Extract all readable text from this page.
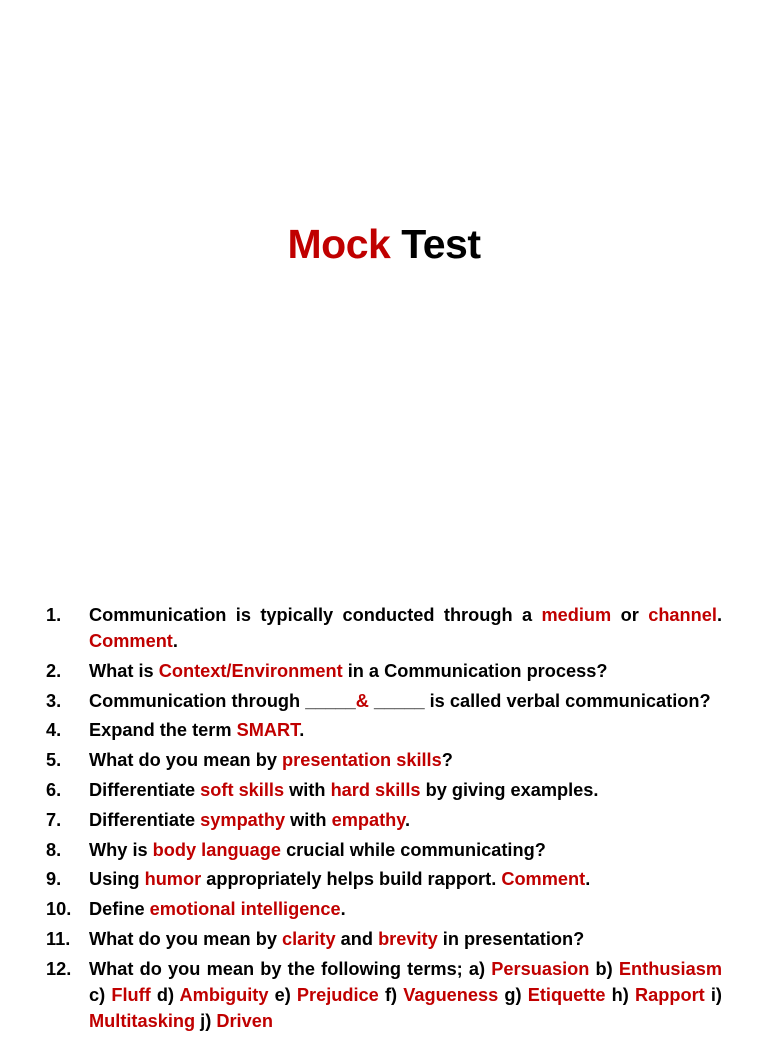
Mock Test
1.	Communication is typically conducted through a medium or channel. Comment.
2.	What is Context/Environment in a Communication process?
3.	Communication through _____& _____ is called verbal communication?
4.	Expand the term SMART.
5.	What do you mean by presentation skills?
6.	Differentiate soft skills with hard skills by giving examples.
7.	Differentiate sympathy with empathy.
8.	Why is body language crucial while communicating?
9.	Using humor appropriately helps build rapport. Comment.
10. Define emotional intelligence.
11.	What do you mean by clarity and brevity in presentation?
12. What do you mean by the following terms; a) Persuasion b) Enthusiasm c) Fluff d) Ambiguity e) Prejudice f) Vagueness g) Etiquette h) Rapport i) Multitasking j) Driven
